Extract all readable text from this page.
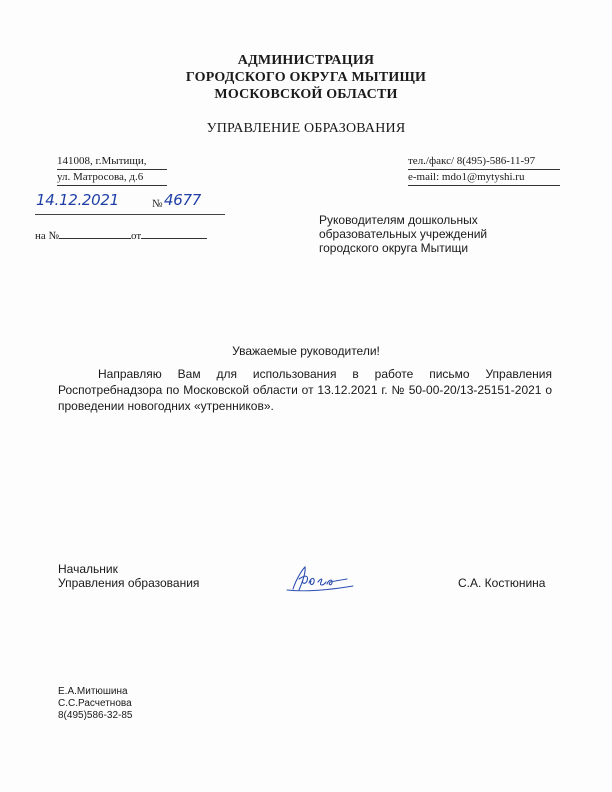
АДМИНИСТРАЦИЯ
ГОРОДСКОГО ОКРУГА МЫТИЩИ
МОСКОВСКОЙ ОБЛАСТИ
УПРАВЛЕНИЕ ОБРАЗОВАНИЯ
141008, г.Мытищи,
ул. Матросова, д.6
тел./факс/ 8(495)-586-11-97
e-mail: mdo1@mytyshi.ru
14.12.2021	№ 4677
на №	от
Руководителям дошкольных
образовательных учреждений
городского округа Мытищи
Уважаемые руководители!
Направляю Вам для использования в работе письмо Управления Роспотребнадзора по Московской области от 13.12.2021 г. № 50-00-20/13-25151-2021 о проведении новогодних «утренников».
Начальник
Управления образования	С.А. Костюнина
Е.А.Митюшина
С.С.Расчетнова
8(495)586-32-85
